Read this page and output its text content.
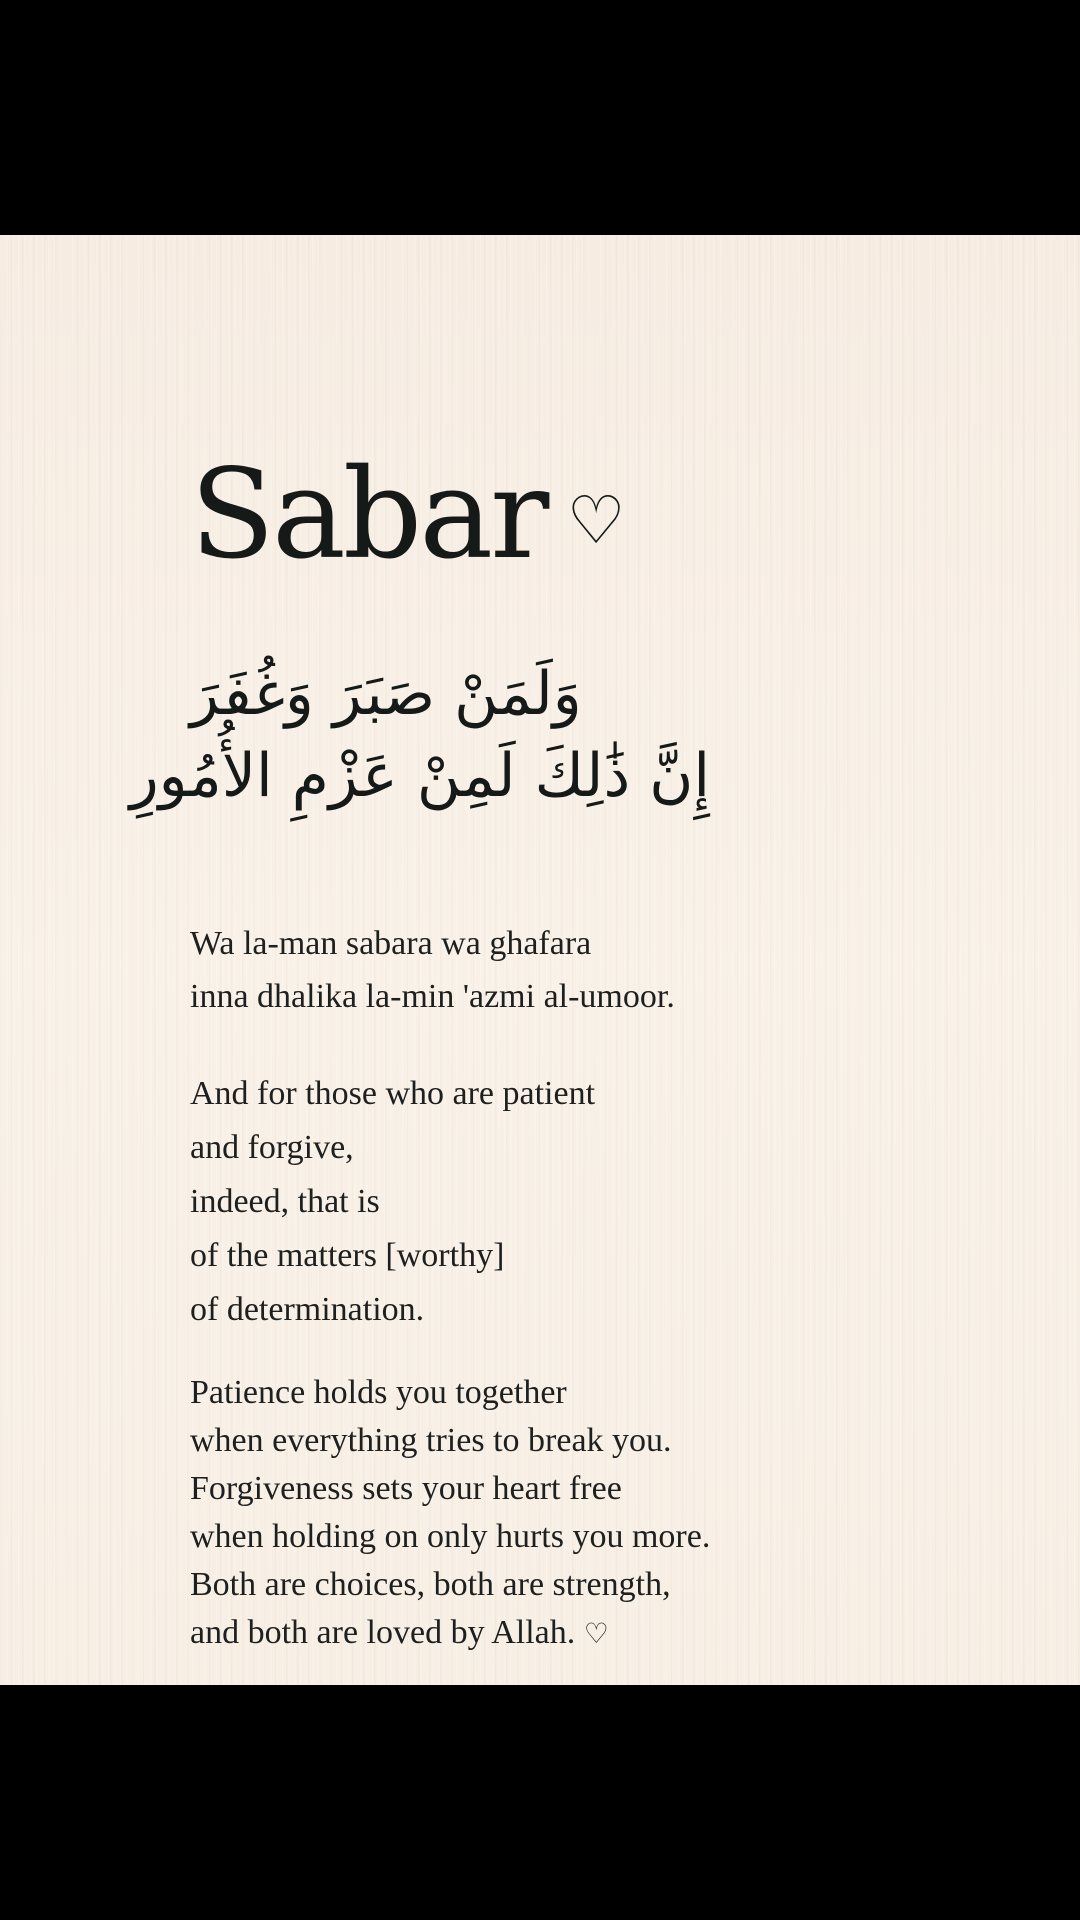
Sabar ♡
وَلَمَنْ صَبَرَ وَغُفَرَ
إِنَّ ذَٰلِكَ لَمِنْ عَزْمِ الأُمُورِ
Wa la-man sabara wa ghafara
inna dhalika la-min 'azmi al-umoor.
And for those who are patient
and forgive,
indeed, that is
of the matters [worthy]
of determination.
Patience holds you together
when everything tries to break you.
Forgiveness sets your heart free
when holding on only hurts you more.
Both are choices, both are strength,
and both are loved by Allah. ♡
